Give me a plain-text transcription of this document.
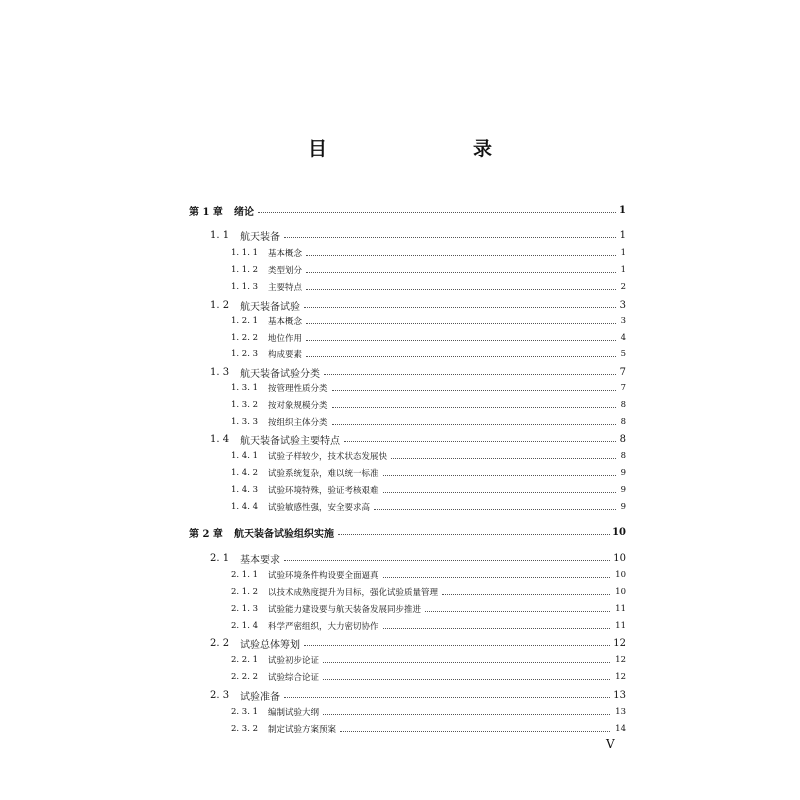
目　　录
第 1 章 绪论	1
1. 1 航天装备	1
1. 1. 1 基本概念	1
1. 1. 2 类型划分	1
1. 1. 3 主要特点	2
1. 2 航天装备试验	3
1. 2. 1 基本概念	3
1. 2. 2 地位作用	4
1. 2. 3 构成要素	5
1. 3 航天装备试验分类	7
1. 3. 1 按管理性质分类	7
1. 3. 2 按对象规模分类	8
1. 3. 3 按组织主体分类	8
1. 4 航天装备试验主要特点	8
1. 4. 1 试验子样较少，技术状态发展快	8
1. 4. 2 试验系统复杂，难以统一标准	9
1. 4. 3 试验环境特殊，验证考核艰难	9
1. 4. 4 试验敏感性强，安全要求高	9
第 2 章 航天装备试验组织实施	10
2. 1 基本要求	10
2. 1. 1 试验环境条件构设要全面逼真	10
2. 1. 2 以技术成熟度提升为目标，强化试验质量管理	10
2. 1. 3 试验能力建设要与航天装备发展同步推进	11
2. 1. 4 科学严密组织，大力密切协作	11
2. 2 试验总体筹划	12
2. 2. 1 试验初步论证	12
2. 2. 2 试验综合论证	12
2. 3 试验准备	13
2. 3. 1 编制试验大纲	13
2. 3. 2 制定试验方案预案	14
V
